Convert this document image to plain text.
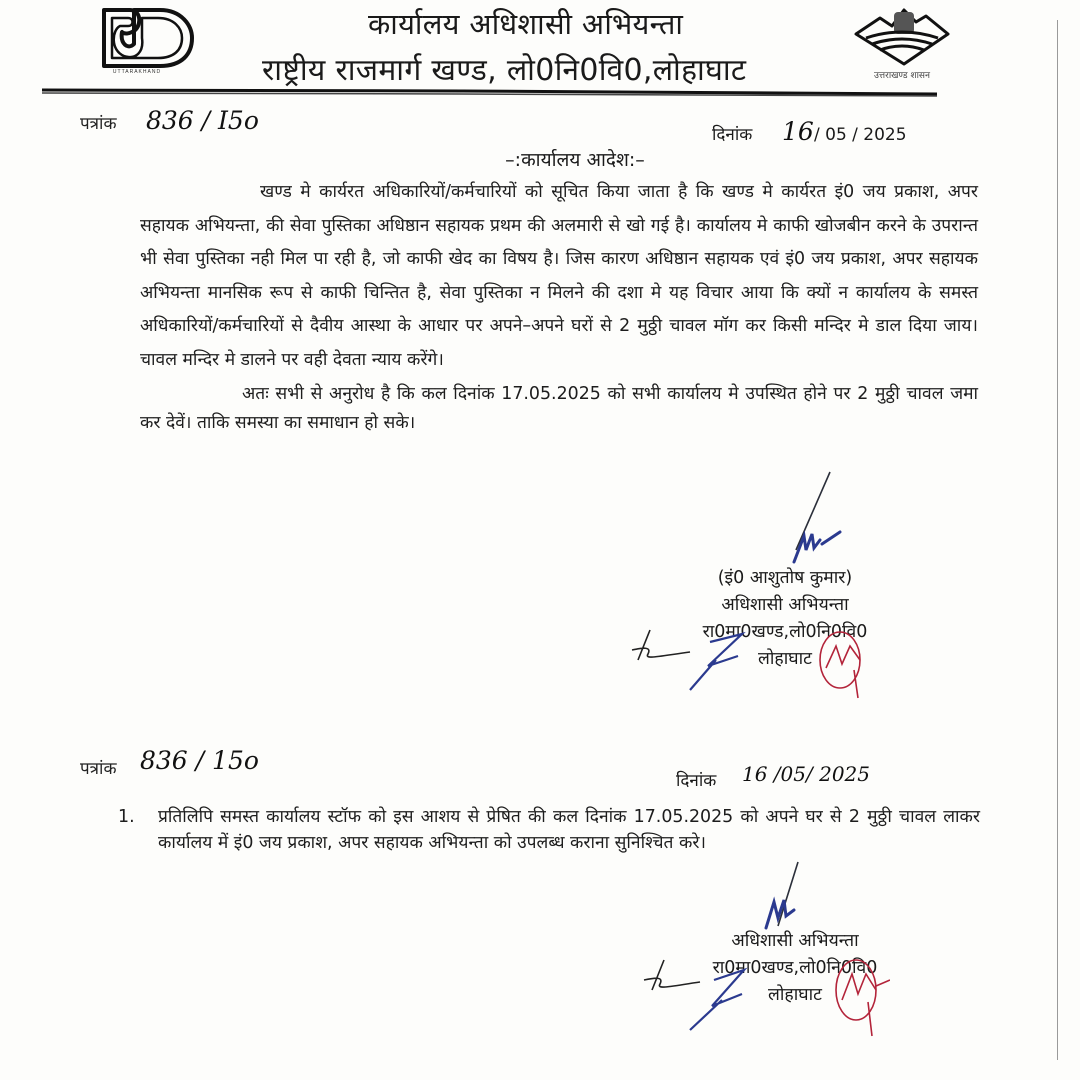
UTTARAKHAND
कार्यालय अधिशासी अभियन्ता
राष्ट्रीय राजमार्ग खण्ड, लो0नि0वि0,लोहाघाट	उत्तराखण्ड शासन
पत्रांक 836 / I5o	दिनांक 16 / 05 / 2025
–:कार्यालय आदेश:–

खण्ड मे कार्यरत अधिकारियों/कर्मचारियों को सूचित किया जाता है कि खण्ड मे कार्यरत इं0 जय प्रकाश, अपर सहायक अभियन्ता, की सेवा पुस्तिका अधिष्ठान सहायक प्रथम की अलमारी से खो गई है। कार्यालय मे काफी खोजबीन करने के उपरान्त भी सेवा पुस्तिका नही मिल पा रही है, जो काफी खेद का विषय है। जिस कारण अधिष्ठान सहायक एवं इं0 जय प्रकाश, अपर सहायक अभियन्ता मानसिक रूप से काफी चिन्तित है, सेवा पुस्तिका न मिलने की दशा मे यह विचार आया कि क्यों न कार्यालय के समस्त अधिकारियों/कर्मचारियों से दैवीय आस्था के आधार पर अपने–अपने घरों से 2 मुठ्ठी चावल मॉग कर किसी मन्दिर मे डाल दिया जाय। चावल मन्दिर मे डालने पर वही देवता न्याय करेंगे।

अतः सभी से अनुरोध है कि कल दिनांक 17.05.2025 को सभी कार्यालय मे उपस्थित होने पर 2 मुठ्ठी चावल जमा कर देवें। ताकि समस्या का समाधान हो सके।

(इं0 आशुतोष कुमार)
अधिशासी अभियन्ता
रा0मा0खण्ड,लो0नि0वि0
लोहाघाट
पत्रांक 836 / 15o
दिनांक 16 /05/ 2025
1.	प्रतिलिपि समस्त कार्यालय स्टॉफ को इस आशय से प्रेषित की कल दिनांक 17.05.2025 को अपने घर से 2 मुठ्ठी चावल लाकर कार्यालय में इं0 जय प्रकाश, अपर सहायक अभियन्ता को उपलब्ध कराना सुनिश्चित करे।
अधिशासी अभियन्ता
रा0मा0खण्ड,लो0नि0वि0
लोहाघाट
